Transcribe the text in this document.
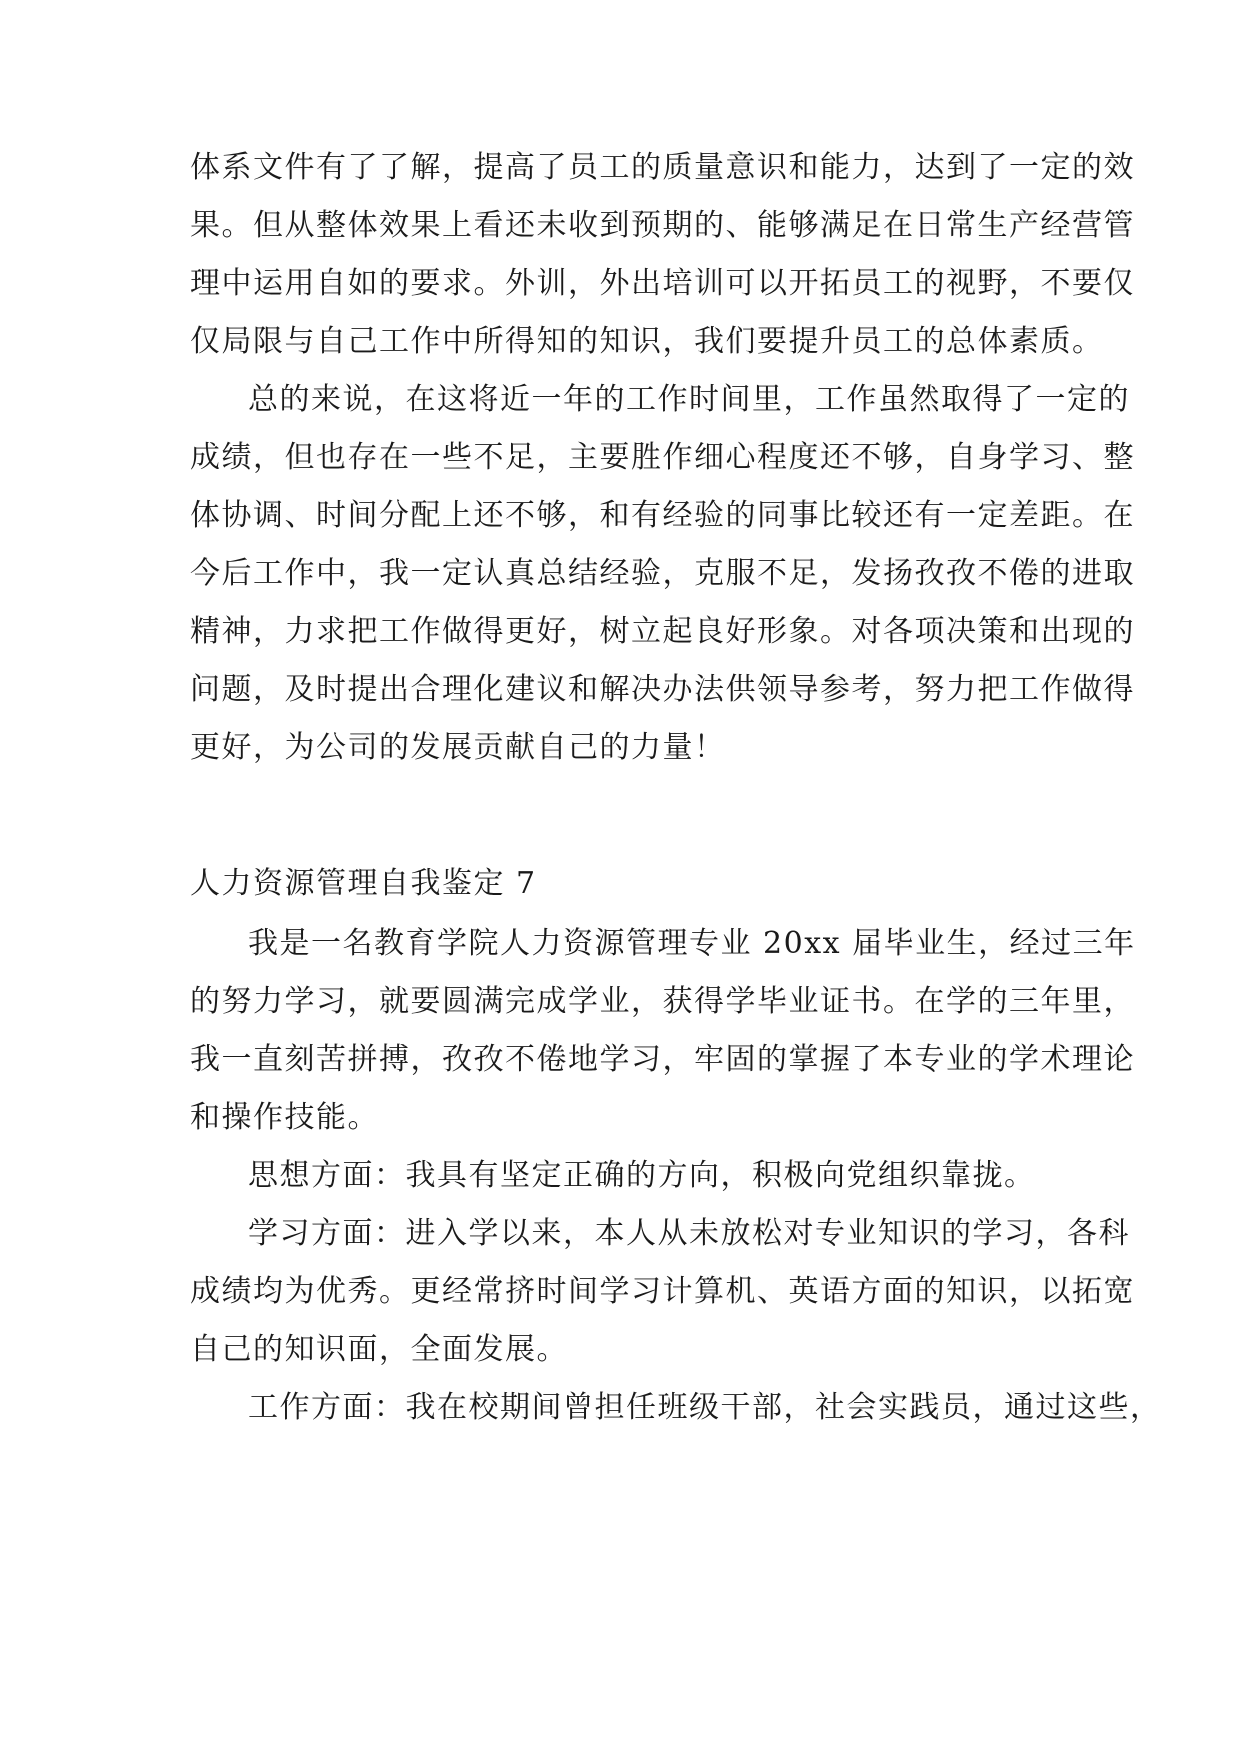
体系文件有了了解，提高了员工的质量意识和能力，达到了一定的效
果。但从整体效果上看还未收到预期的、能够满足在日常生产经营管
理中运用自如的要求。外训，外出培训可以开拓员工的视野，不要仅
仅局限与自己工作中所得知的知识，我们要提升员工的总体素质。
总的来说，在这将近一年的工作时间里，工作虽然取得了一定的
成绩，但也存在一些不足，主要胜作细心程度还不够，自身学习、整
体协调、时间分配上还不够，和有经验的同事比较还有一定差距。在
今后工作中，我一定认真总结经验，克服不足，发扬孜孜不倦的进取
精神，力求把工作做得更好，树立起良好形象。对各项决策和出现的
问题，及时提出合理化建议和解决办法供领导参考，努力把工作做得
更好，为公司的发展贡献自己的力量！
人力资源管理自我鉴定 7
我是一名教育学院人力资源管理专业 20xx 届毕业生，经过三年
的努力学习，就要圆满完成学业，获得学毕业证书。在学的三年里，
我一直刻苦拼搏，孜孜不倦地学习，牢固的掌握了本专业的学术理论
和操作技能。
思想方面：我具有坚定正确的方向，积极向党组织靠拢。
学习方面：进入学以来，本人从未放松对专业知识的学习，各科
成绩均为优秀。更经常挤时间学习计算机、英语方面的知识，以拓宽
自己的知识面，全面发展。
工作方面：我在校期间曾担任班级干部，社会实践员，通过这些，
